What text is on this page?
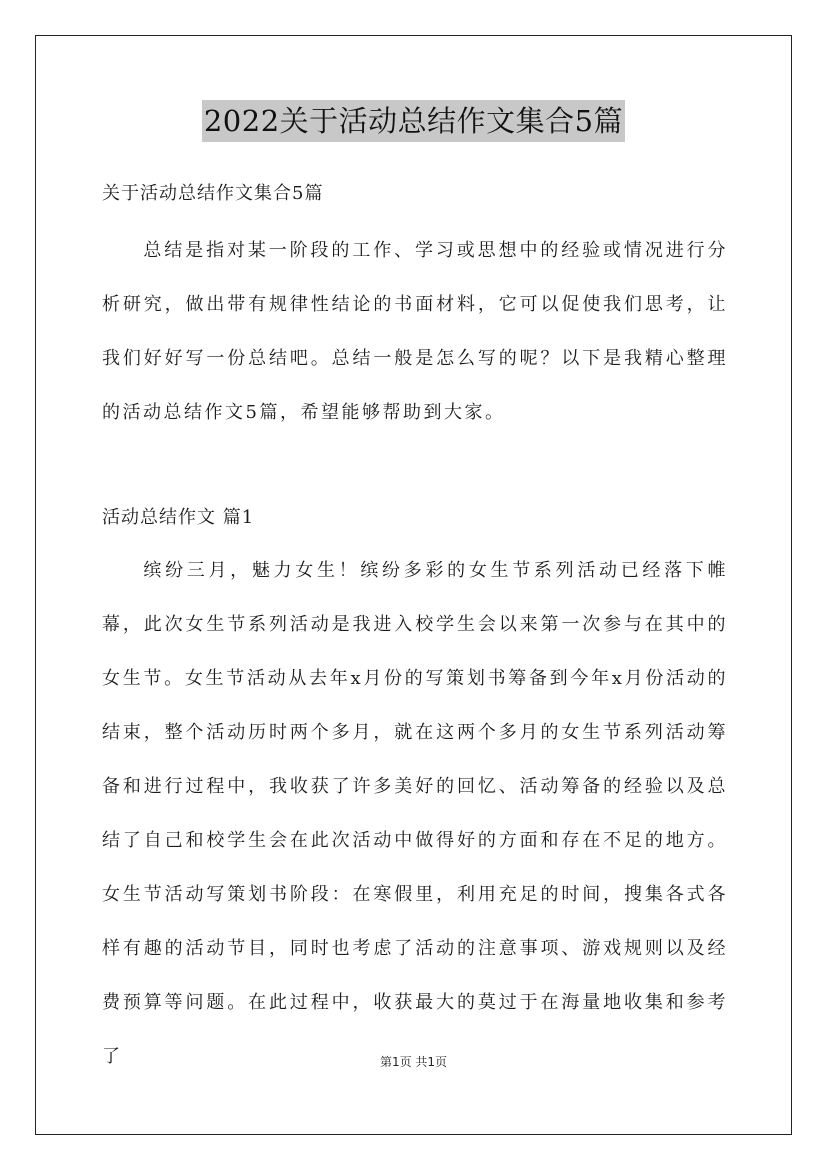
2022关于活动总结作文集合5篇
关于活动总结作文集合5篇

总结是指对某一阶段的工作、学习或思想中的经验或情况进行分析研究，做出带有规律性结论的书面材料，它可以促使我们思考，让我们好好写一份总结吧。总结一般是怎么写的呢？以下是我精心整理的活动总结作文5篇，希望能够帮助到大家。

活动总结作文 篇1

缤纷三月，魅力女生！缤纷多彩的女生节系列活动已经落下帷幕，此次女生节系列活动是我进入校学生会以来第一次参与在其中的女生节。女生节活动从去年x月份的写策划书筹备到今年x月份活动的结束，整个活动历时两个多月，就在这两个多月的女生节系列活动筹备和进行过程中，我收获了许多美好的回忆、活动筹备的经验以及总结了自己和校学生会在此次活动中做得好的方面和存在不足的地方。女生节活动写策划书阶段：在寒假里，利用充足的时间，搜集各式各样有趣的活动节目，同时也考虑了活动的注意事项、游戏规则以及经费预算等问题。在此过程中，收获最大的莫过于在海量地收集和参考了	第1页 共1页
